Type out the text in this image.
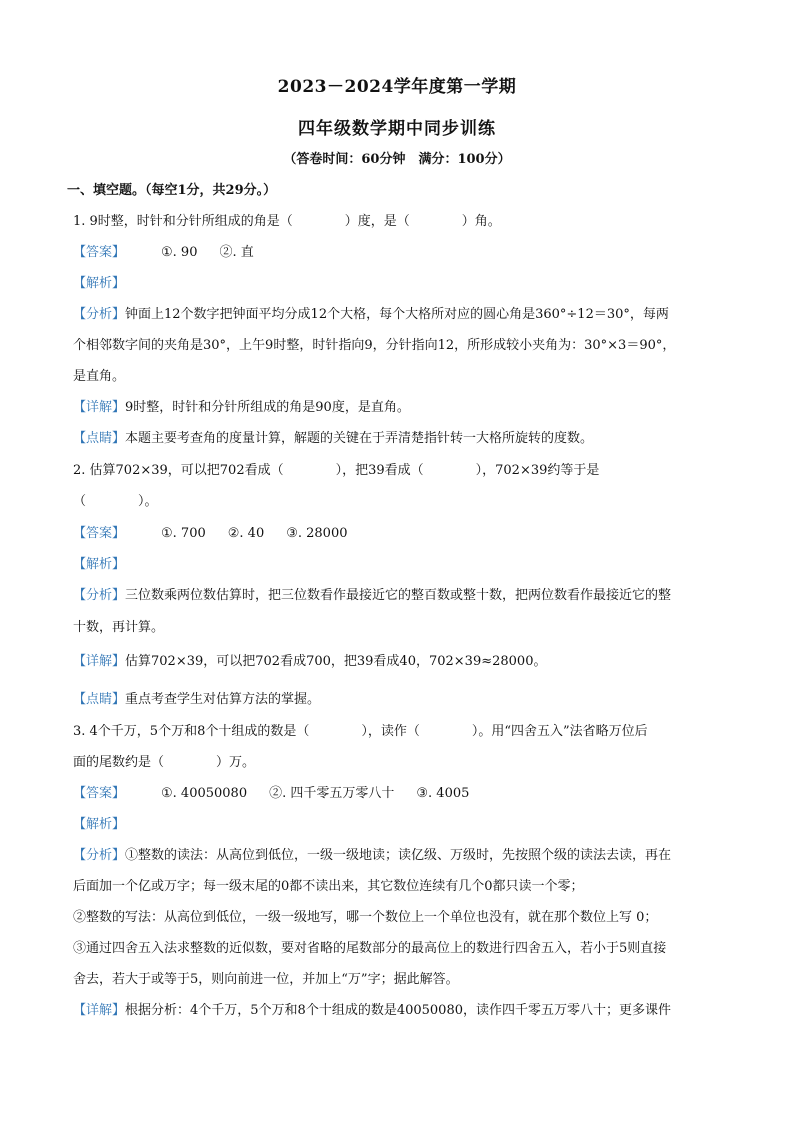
2023－2024学年度第一学期
四年级数学期中同步训练
（答卷时间：60分钟　满分：100分）
一、填空题。（每空1分，共29分。）
1. 9时整，时针和分针所组成的角是（　　　　）度，是（　　　　）角。
【答案】	①. 90 ②. 直
【解析】
【分析】钟面上12个数字把钟面平均分成12个大格，每个大格所对应的圆心角是360°÷12＝30°，每两
个相邻数字间的夹角是30°，上午9时整，时针指向9，分针指向12，所形成较小夹角为：30°×3＝90°，
是直角。
【详解】9时整，时针和分针所组成的角是90度，是直角。
【点睛】本题主要考查角的度量计算，解题的关键在于弄清楚指针转一大格所旋转的度数。
2. 估算702×39，可以把702看成（　　　　），把39看成（　　　　），702×39约等于是
（　　　　）。
【答案】	①. 700 ②. 40 ③. 28000
【解析】
【分析】三位数乘两位数估算时，把三位数看作最接近它的整百数或整十数，把两位数看作最接近它的整
十数，再计算。
【详解】估算702×39，可以把702看成700，把39看成40，702×39≈28000。
【点睛】重点考查学生对估算方法的掌握。
3. 4个千万，5个万和8个十组成的数是（　　　　），读作（　　　　）。用“四舍五入”法省略万位后
面的尾数约是（　　　　）万。
【答案】	①. 40050080 ②. 四千零五万零八十 ③. 4005
【解析】
【分析】①整数的读法：从高位到低位，一级一级地读；读亿级、万级时，先按照个级的读法去读，再在
后面加一个亿或万字；每一级末尾的0都不读出来，其它数位连续有几个0都只读一个零；
②整数的写法：从高位到低位，一级一级地写，哪一个数位上一个单位也没有，就在那个数位上写 0；
③通过四舍五入法求整数的近似数，要对省略的尾数部分的最高位上的数进行四舍五入，若小于5则直接
舍去，若大于或等于5，则向前进一位，并加上“万”字；据此解答。
【详解】根据分析：4个千万，5个万和8个十组成的数是40050080，读作四千零五万零八十；更多课件
